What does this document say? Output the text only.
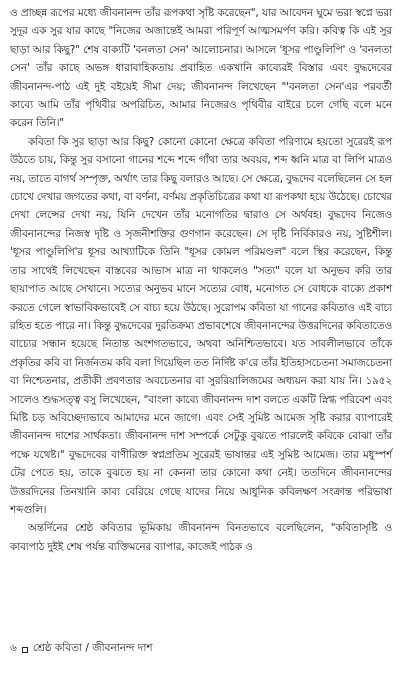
ও প্রাচ্ছন্ন রূপের মধ্যে জীবনানন্দ তাঁর রূপকথা সৃষ্টি করেছেন", যার আবেদন ঘুমে ভরা স্বপ্নে ভরা সুদূর এক সুর যার কাছে "নিজের অজান্তেই আমরা পরিপূর্ণ আত্মসমর্পণ করি। কবিত্ব কি এই সুর ছাড়া আর কিছু?" শেষ বাক্যটি 'বনলতা সেন' আলোচনার। আসলে 'ধূসর পাণ্ডুলিপি' ও 'বনলতা সেন' তাঁর কাছে অভঙ্গ ধারাবাহিকতায় প্রবাহিত একখানি কাব্যেরই বিস্তার এবং বুদ্ধদেবের জীবনানন্দ-পাঠ এই দুই বইয়েই সীমা দেয়; জীবনানন্দ লিখেছেন "'বনলতা সেন'এর পরবর্তী কাব্যে আমি তাঁর পৃথিবীর অপরিচিত, আমার নিজেরও পৃথিবীর বাইরে চলে গেছি বলে মনে করেন তিনি।"

কবিতা কি সুর ছাড়া আর কিছু? কোনো কোনো ক্ষেত্রে কবিতা পরিণামে হয়তো সুরেরই রূপ উঠতে চায়, কিন্তু সুর বসানো গানের শব্দে শব্দে গাঁথা তার অবয়ব, শব্দ ধ্বনি মাত্র বা লিপি মাত্রও নয়, তাতে বাগর্থ সম্পৃক্ত, অর্থাৎ তার কিছু বলারও আছে। সে ক্ষেত্রে, বুদ্ধদেব বলেছিলেন সে হল চোখে দেখার জগতের কথা, বা বর্ণনা, বর্ণময় প্রকৃতিচিত্রের কথা যা রূপকথা হয়ে উঠেছে। চোখের দেখা লেন্সের দেখা নয়, যিনি দেখেন তাঁর মনোগতির দ্বারাও সে অর্থবহ। বুদ্ধদেব নিজেও জীবনানন্দের নিজস্ব দৃষ্টি ও সৃজনীশক্তির গুণগান করেছেন। সে দৃষ্টি নির্বিকারও নয়, সুষ্টিশীল। 'ধূসর পাণ্ডুলিপি'র ধূসর আখ্যাটিকে তিনি "ধূসর কোমল পরিমণ্ডল" বলে স্থির করেছেন, কিন্তু তার সাথেই লিখেছেন বাস্তবের আভাস মাত্র না থাকলেও "সত্য" বলে যা অনুভব করি তার ছায়াপাত আছে সেখানে। সত্যের অনুভব মানে সত্যের বোধ, মনোগত সে বোধকে বাক্যে প্রকাশ করতে গেলে স্বাভাবিকভাবেই সে বাচ্য হয়ে উঠছে। সুরোপম কবিতা যা গানের কবিতাও এই বাচ্য রহিত হতে পারে না। কিন্তু বুদ্ধদেবের দুরতিক্রম্য প্রভাবশেষে জীবনানন্দের উত্তরদিনের কবিতাতেও বাচ্যের সন্ধান হয়েছে নিতান্ত অংশগতভাবে, অথবা অনিশ্চিতভাবে। যত সাবলীলভাবে তাঁকে প্রকৃতির কবি বা নির্জনতম কবি বলা গিয়েছিল তত নির্দিষ্ট ক'রে তাঁর ইতিহাসচেতনা সমাজচেতনা বা নিশ্চেতনার, প্রতীকী প্রবণতার অবচেতনার বা সুররিয়ালিজমের অধ্যয়ন করা যায় নি। ১৯৫২ সালেও শুদ্ধসত্ত্ব বসু লিখেছেন, "বাংলা কাব্যে জীবনানন্দ দাশ বলতে একটি স্নিগ্ধ পরিবেশ এবং মিষ্টি চড় অবিচ্ছেদ্যভাবে আমাদের মনে জাগে। এবং সেই সুমিষ্ট আমেজ সৃষ্টি করার ব্যাপারেই জীবনানন্দ দাশের সার্থকতা। জীবনানন্দ দাশ সম্পর্কে সেটুকু বুঝতে পারলেই কবিকে বোঝা তাঁর পক্ষে যথেষ্ট।" বুদ্ধদেবের বাণীরিক্ত স্বপ্নপ্রতিম সুরেরই ভাষান্তর এই সুমিষ্ট আমেজ। তার মধুস্পর্শ টের পেতে হয়, তাকে বুঝতে হয় না কেননা তার কোনো কথা নেই। ততদিনে জীবনানন্দের উত্তরদিনের তিনখানি কাব্য বেরিয়ে গেছে যাদের নিয়ে আধুনিক কবিলক্ষণ সংক্রান্ত পরিভাষা শব্দগুলি।

অন্তর্দিনের শ্রেষ্ঠ কবিতার ভূমিকায় জীবনানন্দ বিনতভাবে বলেছিলেন, "কবিতাসৃষ্টি ও কাব্যপাঠ দুইই শেষ পর্যন্ত ব্যক্তিমনের ব্যাপার, কাজেই পাঠক ও

৬ শ্রেষ্ঠ কবিতা / জীবনানন্দ দাশ
